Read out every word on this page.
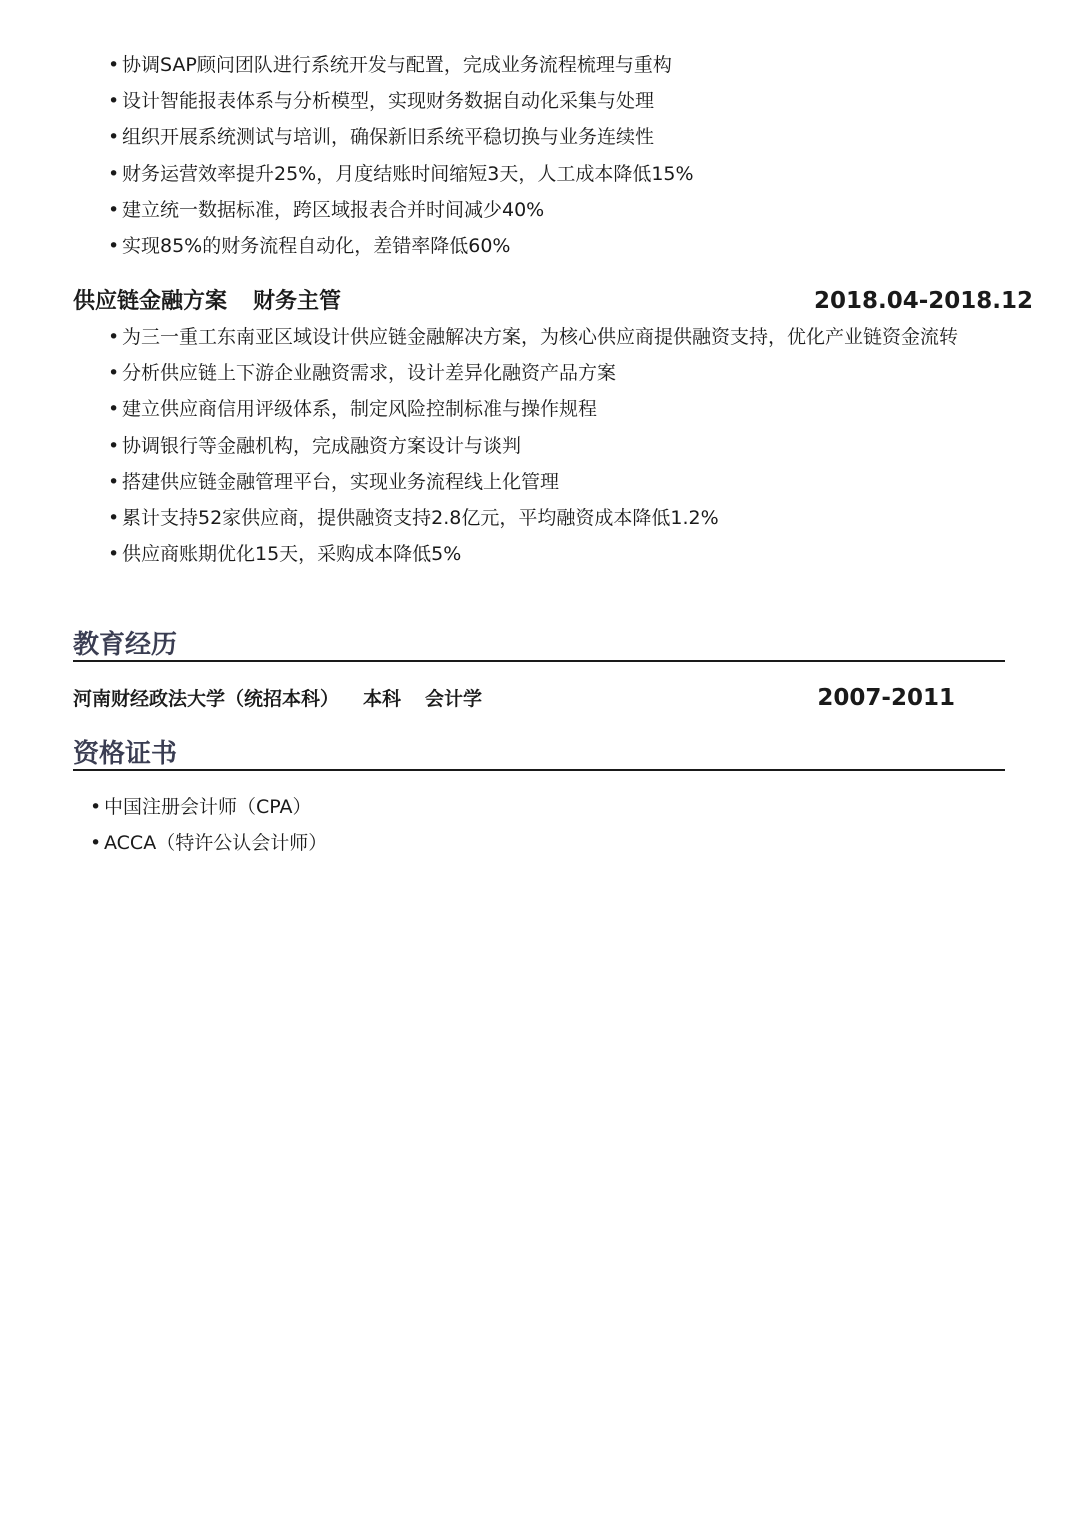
• 协调SAP顾问团队进行系统开发与配置，完成业务流程梳理与重构
• 设计智能报表体系与分析模型，实现财务数据自动化采集与处理
• 组织开展系统测试与培训，确保新旧系统平稳切换与业务连续性
• 财务运营效率提升25%，月度结账时间缩短3天，人工成本降低15%
• 建立统一数据标准，跨区域报表合并时间减少40%
• 实现85%的财务流程自动化，差错率降低60%
供应链金融方案 财务主管	2018.04-2018.12
• 为三一重工东南亚区域设计供应链金融解决方案，为核心供应商提供融资支持，优化产业链资金流转
• 分析供应链上下游企业融资需求，设计差异化融资产品方案
• 建立供应商信用评级体系，制定风险控制标准与操作规程
• 协调银行等金融机构，完成融资方案设计与谈判
• 搭建供应链金融管理平台，实现业务流程线上化管理
• 累计支持52家供应商，提供融资支持2.8亿元，平均融资成本降低1.2%
• 供应商账期优化15天，采购成本降低5%
教育经历
河南财经政法大学（统招本科） 本科 会计学	2007-2011
资格证书
• 中国注册会计师（CPA）
• ACCA（特许公认会计师）
